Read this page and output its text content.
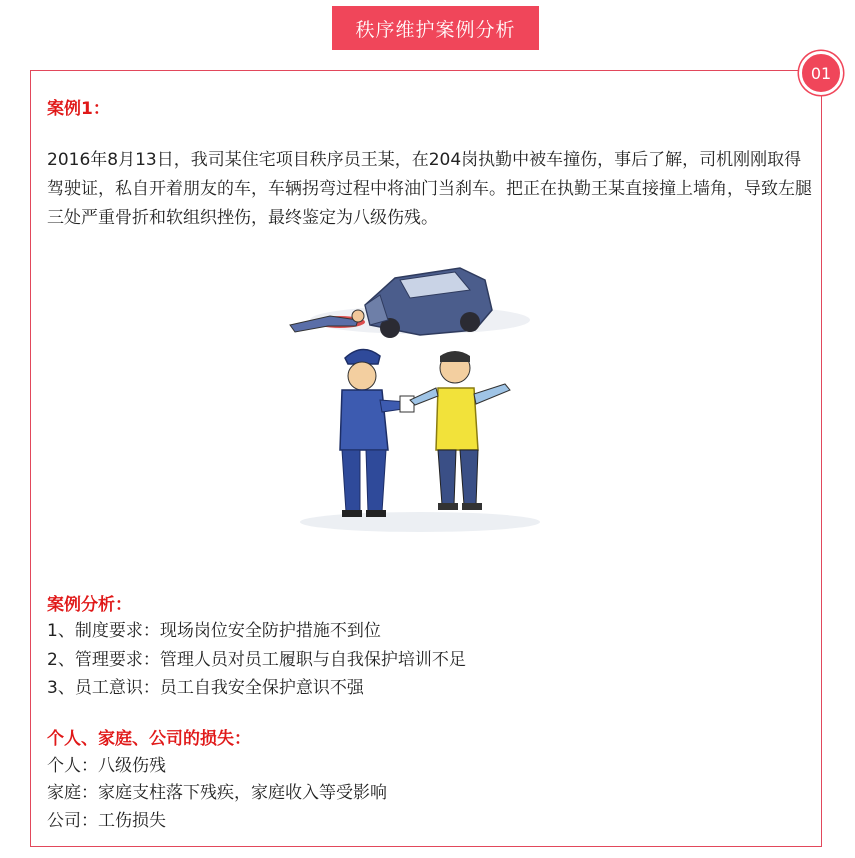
秩序维护案例分析
01
案例1：
2016年8月13日，我司某住宅项目秩序员王某，在204岗执勤中被车撞伤，事后了解，司机刚刚取得驾驶证，私自开着朋友的车，车辆拐弯过程中将油门当刹车。把正在执勤王某直接撞上墙角，导致左腿三处严重骨折和软组织挫伤，最终鉴定为八级伤残。
案例分析：
1、制度要求：现场岗位安全防护措施不到位
2、管理要求：管理人员对员工履职与自我保护培训不足
3、员工意识：员工自我安全保护意识不强
个人、家庭、公司的损失：
个人：八级伤残
家庭：家庭支柱落下残疾，家庭收入等受影响
公司：工伤损失
